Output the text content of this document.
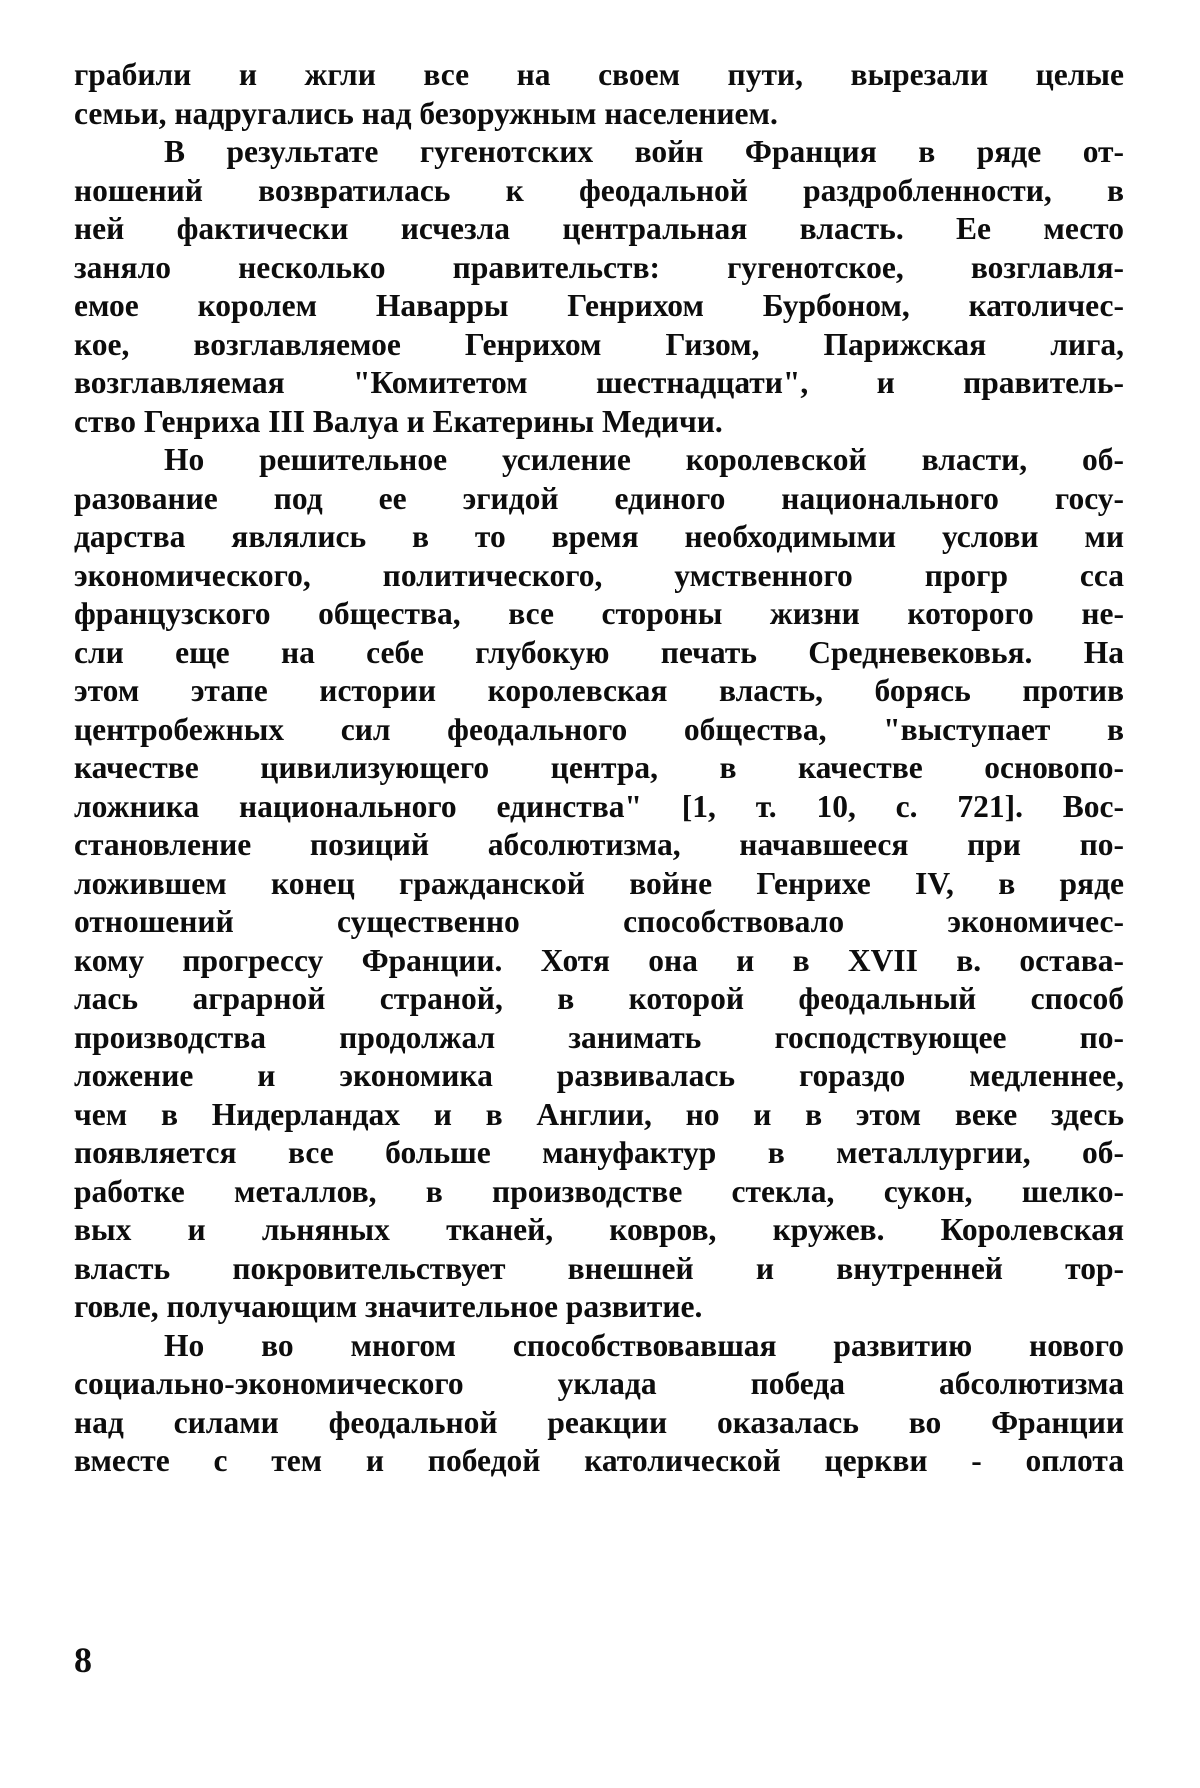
грабили и жгли все на своем пути, вырезали целые
семьи, надругались над безоружным населением.
В результате гугенотских войн Франция в ряде от-
ношений возвратилась к феодальной раздробленности, в
ней фактически исчезла центральная власть. Ее место
заняло несколько правительств: гугенотское, возглавля-
емое королем Наварры Генрихом Бурбоном, католичес-
кое, возглавляемое Генрихом Гизом, Парижская лига,
возглавляемая "Комитетом шестнадцати", и правитель-
ство Генриха III Валуа и Екатерины Медичи.
Но решительное усиление королевской власти, об-
разование под ее эгидой единого национального госу-
дарства являлись в то время необходимыми услови ми
экономического, политического, умственного прогр сса
французского общества, все стороны жизни которого не-
сли еще на себе глубокую печать Средневековья. На
этом этапе истории королевская власть, борясь против
центробежных сил феодального общества, "выступает в
качестве цивилизующего центра, в качестве основопо-
ложника национального единства" [1, т. 10, с. 721]. Вос-
становление позиций абсолютизма, начавшееся при по-
ложившем конец гражданской войне Генрихе IV, в ряде
отношений существенно способствовало экономичес-
кому прогрессу Франции. Хотя она и в XVII в. остава-
лась аграрной страной, в которой феодальный способ
производства продолжал занимать господствующее по-
ложение и экономика развивалась гораздо медленнее,
чем в Нидерландах и в Англии, но и в этом веке здесь
появляется все больше мануфактур в металлургии, об-
работке металлов, в производстве стекла, сукон, шелко-
вых и льняных тканей, ковров, кружев. Королевская
власть покровительствует внешней и внутренней тор-
говле, получающим значительное развитие.
Но во многом способствовавшая развитию нового
социально-экономического уклада победа абсолютизма
над силами феодальной реакции оказалась во Франции
вместе с тем и победой католической церкви - оплота
8
